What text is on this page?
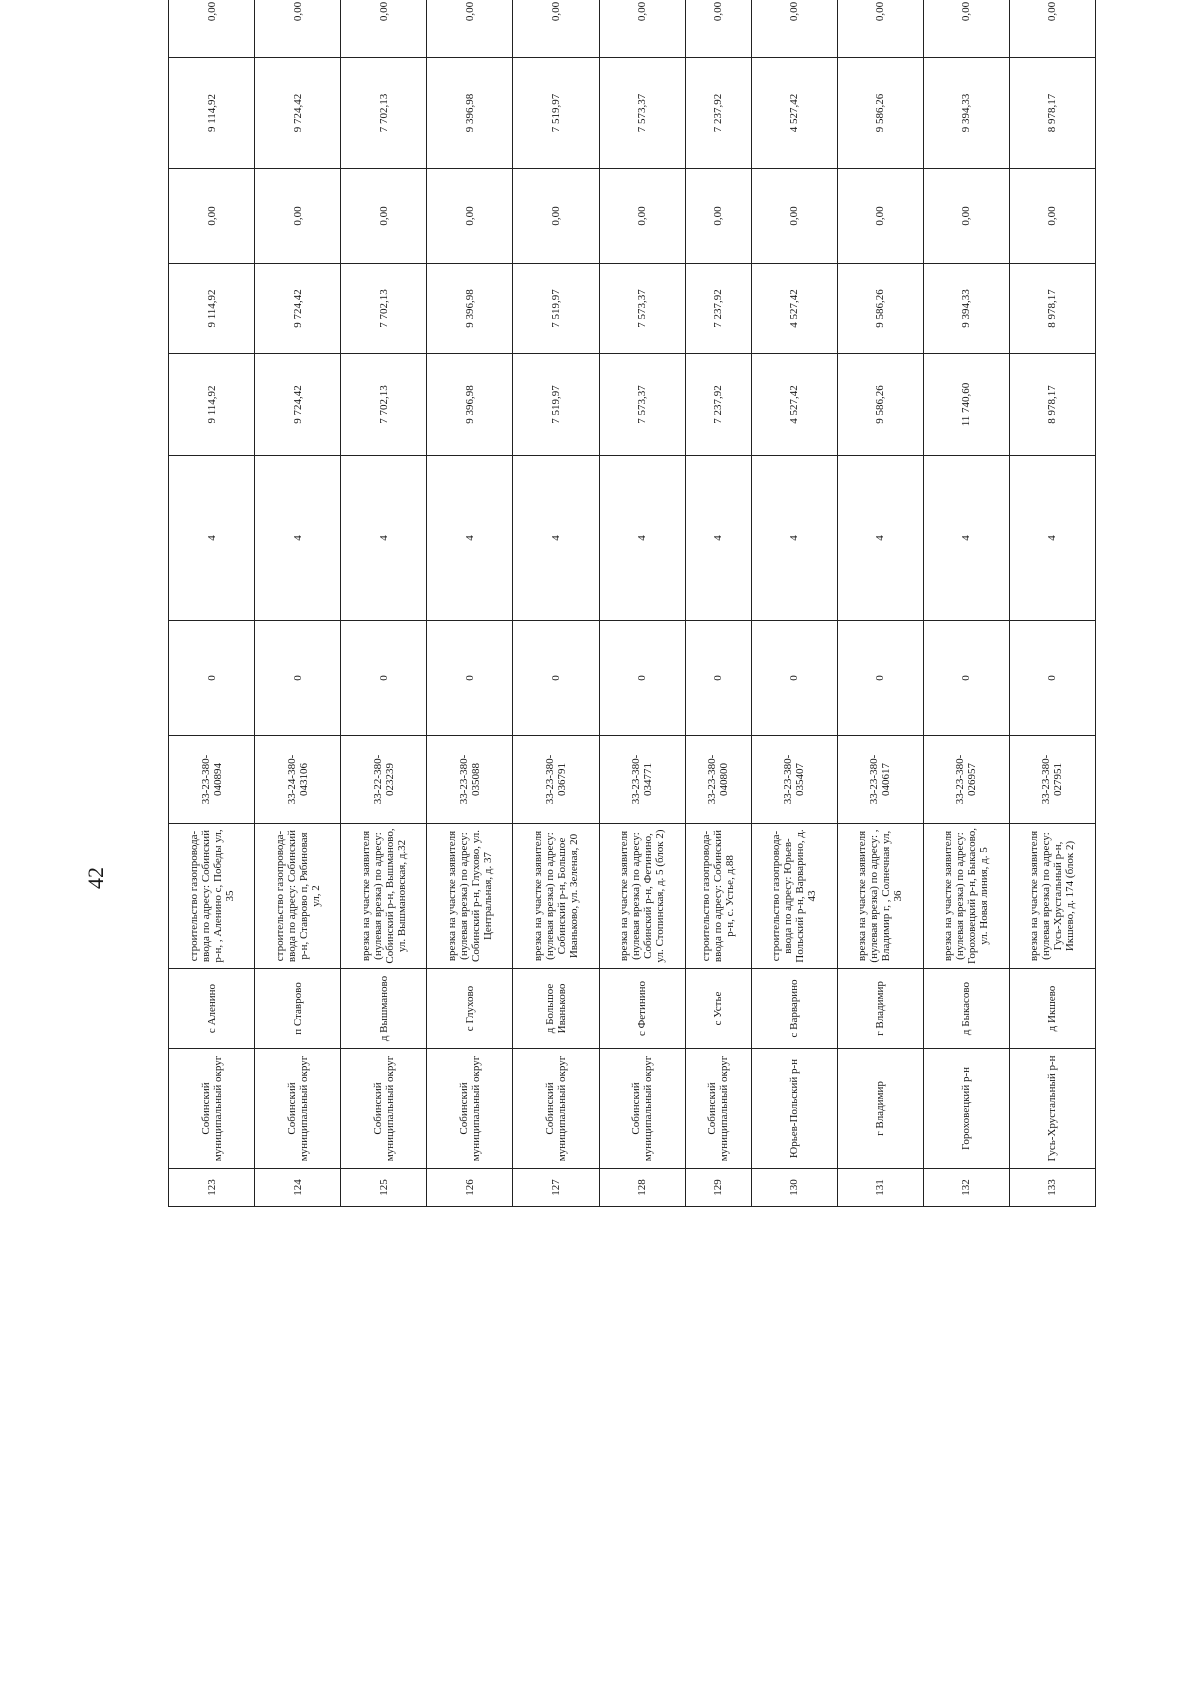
42
123	Собинский муниципальный округ	с Аленино	строительство газопровода-ввода по адресу: Собинский р-н, , Аленино с, Победы ул, 35	33-23-380-040894	0	4	9 114,92	9 114,92	0,00	9 114,92	0,00	
124	Собинский муниципальный округ	п Ставрово	строительство газопровода-ввода по адресу: Собинский р-н, Ставрово п, Рябиновая ул, 2	33-24-380-043106	0	4	9 724,42	9 724,42	0,00	9 724,42	0,00	
125	Собинский муниципальный округ	д Вышманово	врезка на участке заявителя (нулевая врезка) по адресу: Собинский р-н, Вышманово, ул. Вышмановская, д.32	33-22-380-023239	0	4	7 702,13	7 702,13	0,00	7 702,13	0,00	
126	Собинский муниципальный округ	с Глухово	врезка на участке заявителя (нулевая врезка) по адресу: Собинский р-н, Глухово, ул. Центральная, д. 37	33-23-380-035088	0	4	9 396,98	9 396,98	0,00	9 396,98	0,00	
127	Собинский муниципальный округ	д Большое Иваньково	врезка на участке заявителя (нулевая врезка) по адресу: Собинский р-н, Большое Иваньково, ул. Зеленая, 20	33-23-380-036791	0	4	7 519,97	7 519,97	0,00	7 519,97	0,00	
128	Собинский муниципальный округ	с Фетинино	врезка на участке заявителя (нулевая врезка) по адресу: Собинский р-н, Фетинино, ул. Стопинская, д. 5 (блок 2)	33-23-380-034771	0	4	7 573,37	7 573,37	0,00	7 573,37	0,00	
129	Собинский муниципальный округ	с Устье	строительство газопровода-ввода по адресу: Собинский р-н, с. Устье, д.88	33-23-380-040800	0	4	7 237,92	7 237,92	0,00	7 237,92	0,00	
130	Юрьев-Польский р-н	с Варварино	строительство газопровода-ввода по адресу: Юрьев-Польский р-н, Варварино, д. 43	33-23-380-035407	0	4	4 527,42	4 527,42	0,00	4 527,42	0,00	
131	г Владимир	г Владимир	врезка на участке заявителя (нулевая врезка) по адресу: , Владимир г, , Солнечная ул, 36	33-23-380-040617	0	4	9 586,26	9 586,26	0,00	9 586,26	0,00	
132	Гороховецкий р-н	д Быкасово	врезка на участке заявителя (нулевая врезка) по адресу: Гороховецкий р-н, Быкасово, ул. Новая линия, д. 5	33-23-380-026957	0	4	11 740,60	9 394,33	0,00	9 394,33	0,00	
133	Гусь-Хрустальный р-н	д Икшево	врезка на участке заявителя (нулевая врезка) по адресу: Гусь-Хрустальный р-н, Икшево, д. 174 (блок 2)	33-23-380-027951	0	4	8 978,17	8 978,17	0,00	8 978,17	0,00	
